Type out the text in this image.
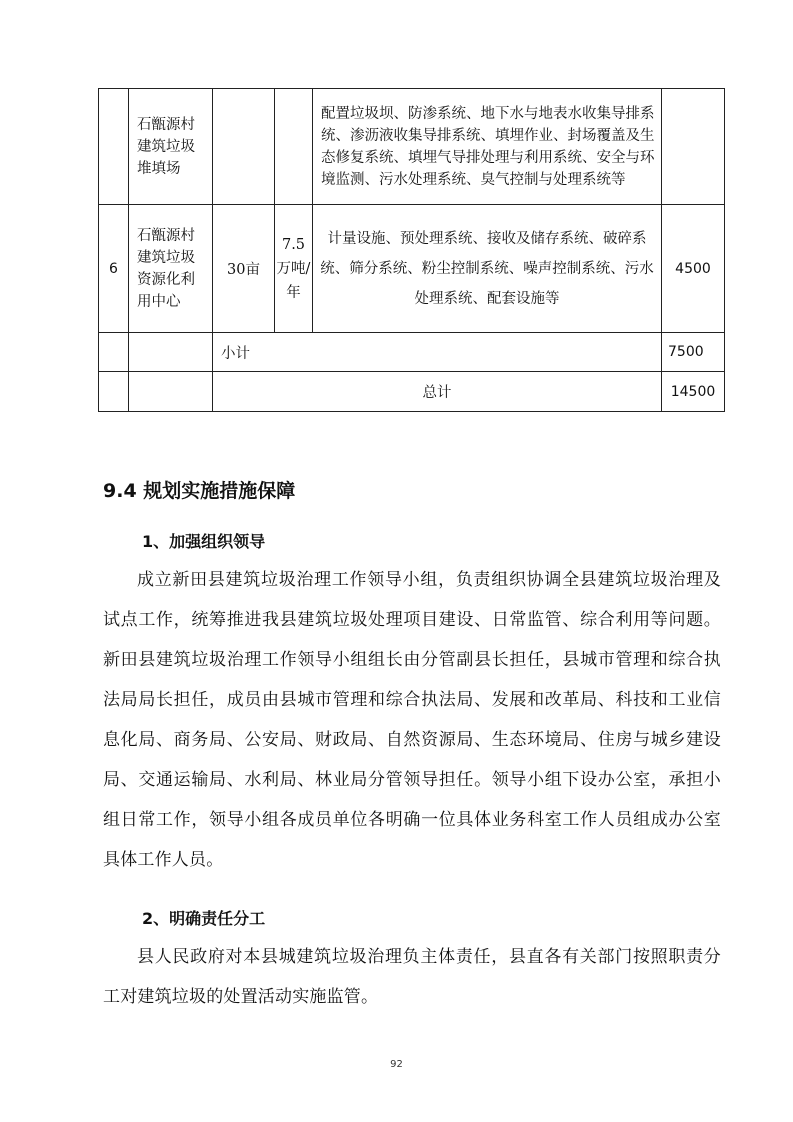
	石甑源村建筑垃圾堆填场			配置垃圾坝、防渗系统、地下水与地表水收集导排系统、渗沥液收集导排系统、填埋作业、封场覆盖及生态修复系统、填埋气导排处理与利用系统、安全与环境监测、污水处理系统、臭气控制与处理系统等	
6	石甑源村建筑垃圾资源化利用中心	30亩	7.5万吨/年	计量设施、预处理系统、接收及储存系统、破碎系统、筛分系统、粉尘控制系统、噪声控制系统、污水处理系统、配套设施等	4500
		小计			7500
		总计			14500
9.4 规划实施措施保障
1、加强组织领导

成立新田县建筑垃圾治理工作领导小组，负责组织协调全县建筑垃圾治理及试点工作，统筹推进我县建筑垃圾处理项目建设、日常监管、综合利用等问题。新田县建筑垃圾治理工作领导小组组长由分管副县长担任，县城市管理和综合执法局局长担任，成员由县城市管理和综合执法局、发展和改革局、科技和工业信息化局、商务局、公安局、财政局、自然资源局、生态环境局、住房与城乡建设局、交通运输局、水利局、林业局分管领导担任。领导小组下设办公室，承担小组日常工作，领导小组各成员单位各明确一位具体业务科室工作人员组成办公室具体工作人员。

2、明确责任分工

县人民政府对本县城建筑垃圾治理负主体责任，县直各有关部门按照职责分工对建筑垃圾的处置活动实施监管。

92
